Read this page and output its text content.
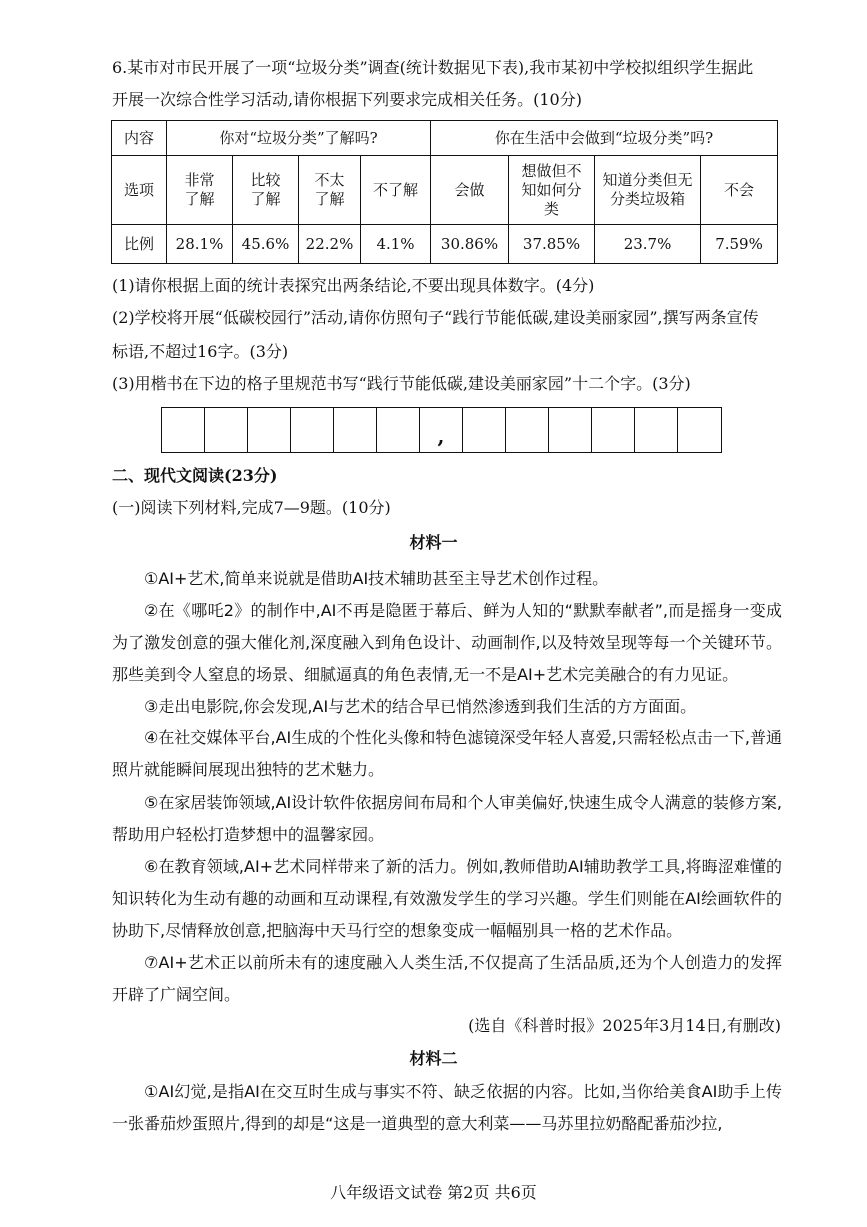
6.某市对市民开展了一项“垃圾分类”调查(统计数据见下表),我市某初中学校拟组织学生据此
开展一次综合性学习活动,请你根据下列要求完成相关任务。(10分)
内容	你对“垃圾分类”了解吗?				你在生活中会做到“垃圾分类”吗?			
选项	非常了解	比较了解	不太了解	不了解	会做	想做但不知如何分类	知道分类但无分类垃圾箱	不会
比例	28.1%	45.6%	22.2%	4.1%	30.86%	37.85%	23.7%	7.59%
(1)请你根据上面的统计表探究出两条结论,不要出现具体数字。(4分)
(2)学校将开展“低碳校园行”活动,请你仿照句子“践行节能低碳,建设美丽家园”,撰写两条宣传
标语,不超过16字。(3分)
(3)用楷书在下边的格子里规范书写“践行节能低碳,建设美丽家园”十二个字。(3分)
,
二、现代文阅读(23分)
(一)阅读下列材料,完成7—9题。(10分)
材料一
①AI+艺术,简单来说就是借助AI技术辅助甚至主导艺术创作过程。
②在《哪吒2》的制作中,AI不再是隐匿于幕后、鲜为人知的“默默奉献者”,而是摇身一变成为了激发创意的强大催化剂,深度融入到角色设计、动画制作,以及特效呈现等每一个关键环节。那些美到令人窒息的场景、细腻逼真的角色表情,无一不是AI+艺术完美融合的有力见证。
③走出电影院,你会发现,AI与艺术的结合早已悄然渗透到我们生活的方方面面。
④在社交媒体平台,AI生成的个性化头像和特色滤镜深受年轻人喜爱,只需轻松点击一下,普通照片就能瞬间展现出独特的艺术魅力。
⑤在家居装饰领域,AI设计软件依据房间布局和个人审美偏好,快速生成令人满意的装修方案,帮助用户轻松打造梦想中的温馨家园。
⑥在教育领域,AI+艺术同样带来了新的活力。例如,教师借助AI辅助教学工具,将晦涩难懂的知识转化为生动有趣的动画和互动课程,有效激发学生的学习兴趣。学生们则能在AI绘画软件的协助下,尽情释放创意,把脑海中天马行空的想象变成一幅幅别具一格的艺术作品。
⑦AI+艺术正以前所未有的速度融入人类生活,不仅提高了生活品质,还为个人创造力的发挥开辟了广阔空间。
(选自《科普时报》2025年3月14日,有删改)
材料二
①AI幻觉,是指AI在交互时生成与事实不符、缺乏依据的内容。比如,当你给美食AI助手上传一张番茄炒蛋照片,得到的却是“这是一道典型的意大利菜——马苏里拉奶酪配番茄沙拉,
八年级语文试卷 第2页 共6页
